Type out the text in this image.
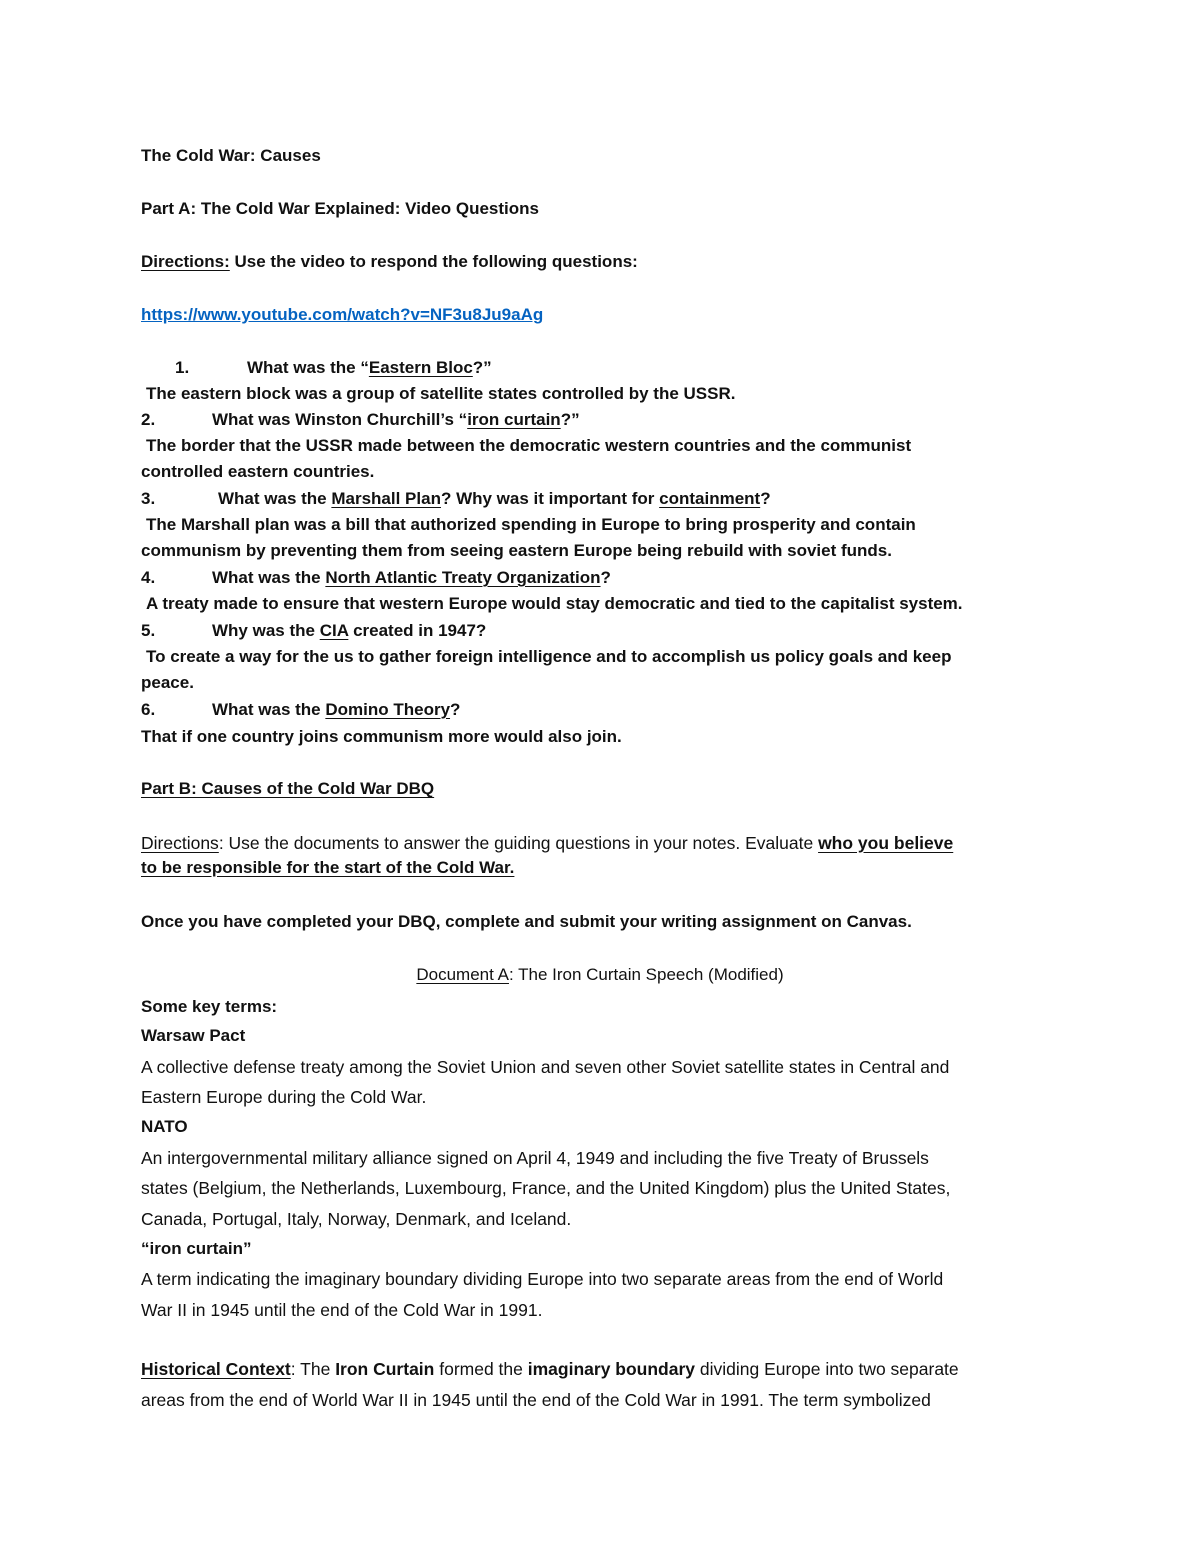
The Cold War: Causes
Part A: The Cold War Explained: Video Questions
Directions: Use the video to respond the following questions:
https://www.youtube.com/watch?v=NF3u8Ju9aAg
1.	What was the “Eastern Bloc?”
The eastern block was a group of satellite states controlled by the USSR.
2.	What was Winston Churchill’s “iron curtain?”
The border that the USSR made between the democratic western countries and the communist
controlled eastern countries.
3.	What was the Marshall Plan? Why was it important for containment?
The Marshall plan was a bill that authorized spending in Europe to bring prosperity and contain
communism by preventing them from seeing eastern Europe being rebuild with soviet funds.
4.	What was the North Atlantic Treaty Organization?
A treaty made to ensure that western Europe would stay democratic and tied to the capitalist system.
5.	Why was the CIA created in 1947?
To create a way for the us to gather foreign intelligence and to accomplish us policy goals and keep
peace.
6.	What was the Domino Theory?
That if one country joins communism more would also join.
Part B: Causes of the Cold War DBQ
Directions: Use the documents to answer the guiding questions in your notes. Evaluate who you believe
to be responsible for the start of the Cold War.
Once you have completed your DBQ, complete and submit your writing assignment on Canvas.
Document A: The Iron Curtain Speech (Modified)
Some key terms:
Warsaw Pact
A collective defense treaty among the Soviet Union and seven other Soviet satellite states in Central and
Eastern Europe during the Cold War.
NATO
An intergovernmental military alliance signed on April 4, 1949 and including the five Treaty of Brussels
states (Belgium, the Netherlands, Luxembourg, France, and the United Kingdom) plus the United States,
Canada, Portugal, Italy, Norway, Denmark, and Iceland.
“iron curtain”
A term indicating the imaginary boundary dividing Europe into two separate areas from the end of World
War II in 1945 until the end of the Cold War in 1991.
Historical Context: The Iron Curtain formed the imaginary boundary dividing Europe into two separate
areas from the end of World War II in 1945 until the end of the Cold War in 1991. The term symbolized
